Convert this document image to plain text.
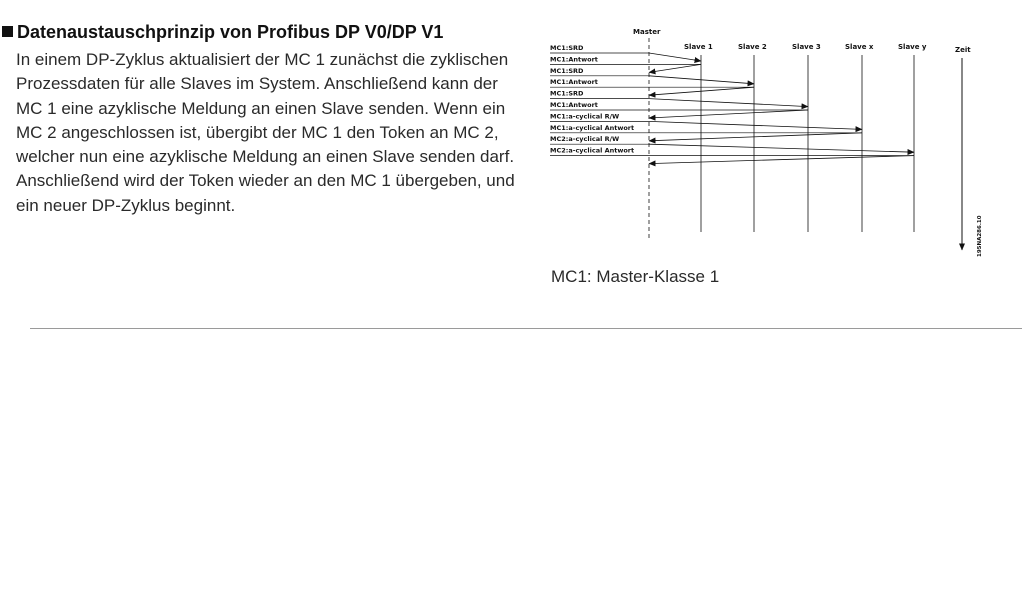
Datenaustauschprinzip von Profibus DP V0/DP V1

In einem DP-Zyklus aktualisiert der MC 1 zunächst die zyklischen Prozessdaten für alle Slaves im System. Anschließend kann der MC 1 eine azyklische Meldung an einen Slave senden. Wenn ein MC 2 angeschlossen ist, übergibt der MC 1 den Token an MC 2, welcher nun eine azyklische Meldung an einen Slave senden darf. Anschließend wird der Token wieder an den MC 1 übergeben, und ein neuer DP-Zyklus beginnt.

Master
Slave 1	Slave 2	Slave 3	Slave x	Slave y
MC1:SRD
MC1:Antwort
MC1:SRD
MC1:Antwort
MC1:SRD
MC1:Antwort
MC1:a-cyclical R/W
MC1:a-cyclical Antwort
MC2:a-cyclical R/W
MC2:a-cyclical Antwort
Zeit
195NA286.10
MC1: Master-Klasse 1
